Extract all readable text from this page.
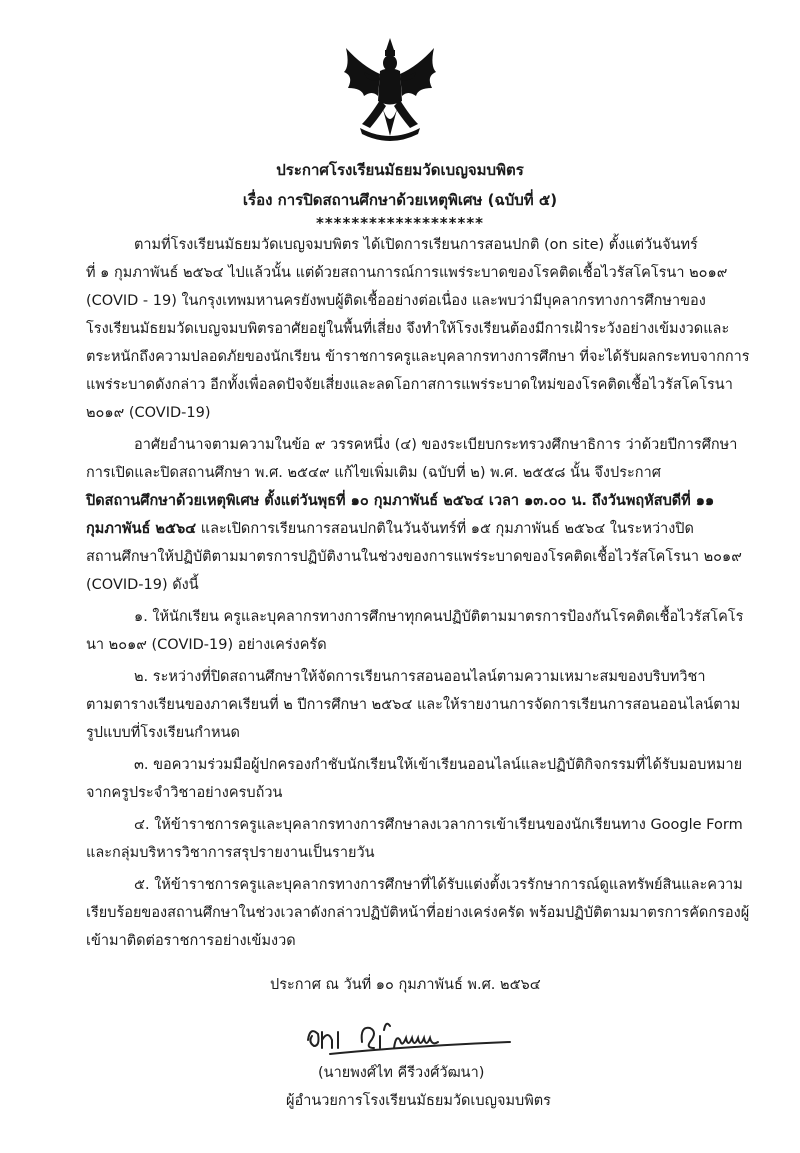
ประกาศโรงเรียนมัธยมวัดเบญจมบพิตร
เรื่อง การปิดสถานศึกษาด้วยเหตุพิเศษ (ฉบับที่ ๕)
*******************
ตามที่โรงเรียนมัธยมวัดเบญจมบพิตร ได้เปิดการเรียนการสอนปกติ (on site) ตั้งแต่วันจันทร์
ที่ ๑ กุมภาพันธ์ ๒๕๖๔ ไปแล้วนั้น แต่ด้วยสถานการณ์การแพร่ระบาดของโรคติดเชื้อไวรัสโคโรนา ๒๐๑๙
(COVID - 19) ในกรุงเทพมหานครยังพบผู้ติดเชื้ออย่างต่อเนื่อง และพบว่ามีบุคลากรทางการศึกษาของ
โรงเรียนมัธยมวัดเบญจมบพิตรอาศัยอยู่ในพื้นที่เสี่ยง จึงทำให้โรงเรียนต้องมีการเฝ้าระวังอย่างเข้มงวดและ
ตระหนักถึงความปลอดภัยของนักเรียน ข้าราชการครูและบุคลากรทางการศึกษา ที่จะได้รับผลกระทบจากการ
แพร่ระบาดดังกล่าว อีกทั้งเพื่อลดปัจจัยเสี่ยงและลดโอกาสการแพร่ระบาดใหม่ของโรคติดเชื้อไวรัสโคโรนา
๒๐๑๙ (COVID-19)
อาศัยอำนาจตามความในข้อ ๙ วรรคหนึ่ง (๔) ของระเบียบกระทรวงศึกษาธิการ ว่าด้วยปีการศึกษา
การเปิดและปิดสถานศึกษา พ.ศ. ๒๕๔๙ แก้ไขเพิ่มเติม (ฉบับที่ ๒) พ.ศ. ๒๕๕๘ นั้น จึงประกาศ
ปิดสถานศึกษาด้วยเหตุพิเศษ ตั้งแต่วันพุธที่ ๑๐ กุมภาพันธ์ ๒๕๖๔ เวลา ๑๓.๐๐ น. ถึงวันพฤหัสบดีที่ ๑๑
กุมภาพันธ์ ๒๕๖๔ และเปิดการเรียนการสอนปกติในวันจันทร์ที่ ๑๕ กุมภาพันธ์ ๒๕๖๔ ในระหว่างปิด
สถานศึกษาให้ปฏิบัติตามมาตรการปฏิบัติงานในช่วงของการแพร่ระบาดของโรคติดเชื้อไวรัสโคโรนา ๒๐๑๙
(COVID-19) ดังนี้
๑. ให้นักเรียน ครูและบุคลากรทางการศึกษาทุกคนปฏิบัติตามมาตรการป้องกันโรคติดเชื้อไวรัสโคโร
นา ๒๐๑๙ (COVID-19) อย่างเคร่งครัด
๒. ระหว่างที่ปิดสถานศึกษาให้จัดการเรียนการสอนออนไลน์ตามความเหมาะสมของบริบทวิชา
ตามตารางเรียนของภาคเรียนที่ ๒ ปีการศึกษา ๒๕๖๔ และให้รายงานการจัดการเรียนการสอนออนไลน์ตาม
รูปแบบที่โรงเรียนกำหนด
๓. ขอความร่วมมือผู้ปกครองกำชับนักเรียนให้เข้าเรียนออนไลน์และปฏิบัติกิจกรรมที่ได้รับมอบหมาย
จากครูประจำวิชาอย่างครบถ้วน
๔. ให้ข้าราชการครูและบุคลากรทางการศึกษาลงเวลาการเข้าเรียนของนักเรียนทาง Google Form
และกลุ่มบริหารวิชาการสรุปรายงานเป็นรายวัน
๕. ให้ข้าราชการครูและบุคลากรทางการศึกษาที่ได้รับแต่งตั้งเวรรักษาการณ์ดูแลทรัพย์สินและความ
เรียบร้อยของสถานศึกษาในช่วงเวลาดังกล่าวปฏิบัติหน้าที่อย่างเคร่งครัด พร้อมปฏิบัติตามมาตรการคัดกรองผู้
เข้ามาติดต่อราชการอย่างเข้มงวด
ประกาศ ณ วันที่ ๑๐ กุมภาพันธ์ พ.ศ. ๒๕๖๔
(นายพงศ์ไท คีรีวงศ์วัฒนา)
ผู้อำนวยการโรงเรียนมัธยมวัดเบญจมบพิตร
